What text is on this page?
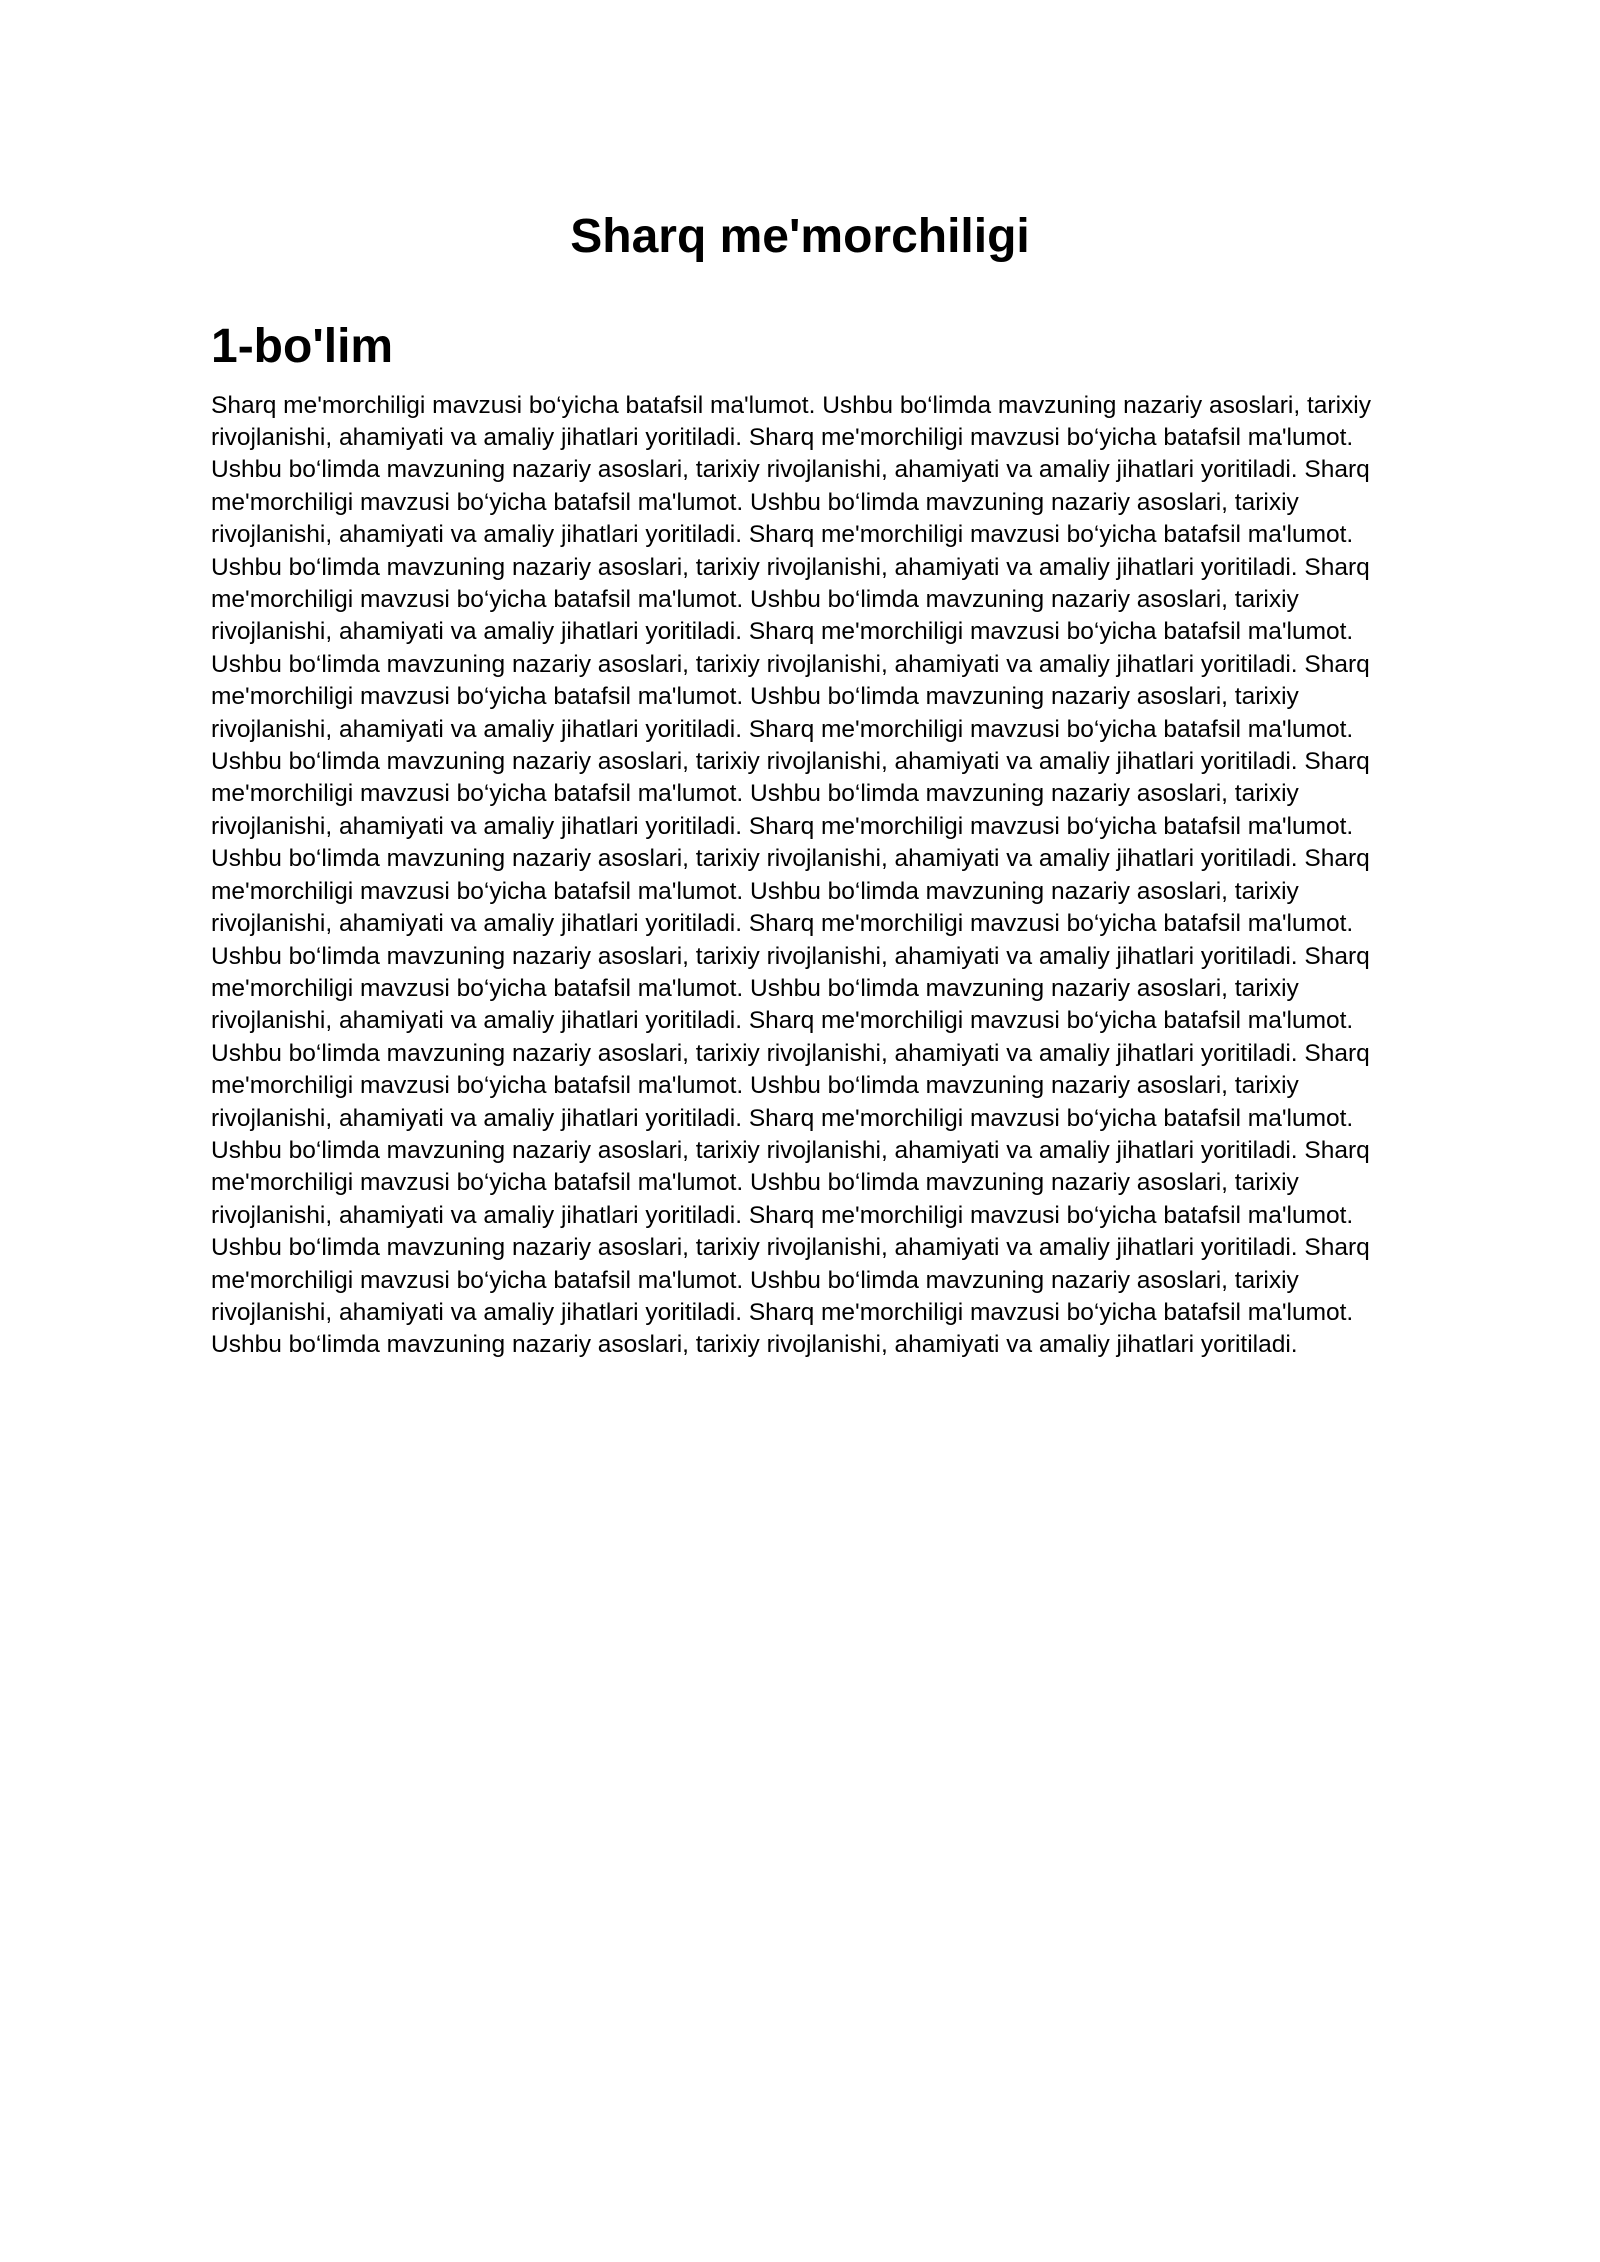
Sharq me'morchiligi
1-bo'lim

Sharq me'morchiligi mavzusi bo‘yicha batafsil ma'lumot. Ushbu bo‘limda mavzuning nazariy asoslari, tarixiy rivojlanishi, ahamiyati va amaliy jihatlari yoritiladi. Sharq me'morchiligi mavzusi bo‘yicha batafsil ma'lumot. Ushbu bo‘limda mavzuning nazariy asoslari, tarixiy rivojlanishi, ahamiyati va amaliy jihatlari yoritiladi. Sharq me'morchiligi mavzusi bo‘yicha batafsil ma'lumot. Ushbu bo‘limda mavzuning nazariy asoslari, tarixiy rivojlanishi, ahamiyati va amaliy jihatlari yoritiladi. Sharq me'morchiligi mavzusi bo‘yicha batafsil ma'lumot. Ushbu bo‘limda mavzuning nazariy asoslari, tarixiy rivojlanishi, ahamiyati va amaliy jihatlari yoritiladi. Sharq me'morchiligi mavzusi bo‘yicha batafsil ma'lumot. Ushbu bo‘limda mavzuning nazariy asoslari, tarixiy rivojlanishi, ahamiyati va amaliy jihatlari yoritiladi. Sharq me'morchiligi mavzusi bo‘yicha batafsil ma'lumot. Ushbu bo‘limda mavzuning nazariy asoslari, tarixiy rivojlanishi, ahamiyati va amaliy jihatlari yoritiladi. Sharq me'morchiligi mavzusi bo‘yicha batafsil ma'lumot. Ushbu bo‘limda mavzuning nazariy asoslari, tarixiy rivojlanishi, ahamiyati va amaliy jihatlari yoritiladi. Sharq me'morchiligi mavzusi bo‘yicha batafsil ma'lumot. Ushbu bo‘limda mavzuning nazariy asoslari, tarixiy rivojlanishi, ahamiyati va amaliy jihatlari yoritiladi. Sharq me'morchiligi mavzusi bo‘yicha batafsil ma'lumot. Ushbu bo‘limda mavzuning nazariy asoslari, tarixiy rivojlanishi, ahamiyati va amaliy jihatlari yoritiladi. Sharq me'morchiligi mavzusi bo‘yicha batafsil ma'lumot. Ushbu bo‘limda mavzuning nazariy asoslari, tarixiy rivojlanishi, ahamiyati va amaliy jihatlari yoritiladi. Sharq me'morchiligi mavzusi bo‘yicha batafsil ma'lumot. Ushbu bo‘limda mavzuning nazariy asoslari, tarixiy rivojlanishi, ahamiyati va amaliy jihatlari yoritiladi. Sharq me'morchiligi mavzusi bo‘yicha batafsil ma'lumot. Ushbu bo‘limda mavzuning nazariy asoslari, tarixiy rivojlanishi, ahamiyati va amaliy jihatlari yoritiladi. Sharq me'morchiligi mavzusi bo‘yicha batafsil ma'lumot. Ushbu bo‘limda mavzuning nazariy asoslari, tarixiy rivojlanishi, ahamiyati va amaliy jihatlari yoritiladi. Sharq me'morchiligi mavzusi bo‘yicha batafsil ma'lumot. Ushbu bo‘limda mavzuning nazariy asoslari, tarixiy rivojlanishi, ahamiyati va amaliy jihatlari yoritiladi. Sharq me'morchiligi mavzusi bo‘yicha batafsil ma'lumot. Ushbu bo‘limda mavzuning nazariy asoslari, tarixiy rivojlanishi, ahamiyati va amaliy jihatlari yoritiladi. Sharq me'morchiligi mavzusi bo‘yicha batafsil ma'lumot. Ushbu bo‘limda mavzuning nazariy asoslari, tarixiy rivojlanishi, ahamiyati va amaliy jihatlari yoritiladi. Sharq me'morchiligi mavzusi bo‘yicha batafsil ma'lumot. Ushbu bo‘limda mavzuning nazariy asoslari, tarixiy rivojlanishi, ahamiyati va amaliy jihatlari yoritiladi. Sharq me'morchiligi mavzusi bo‘yicha batafsil ma'lumot. Ushbu bo‘limda mavzuning nazariy asoslari, tarixiy rivojlanishi, ahamiyati va amaliy jihatlari yoritiladi. Sharq me'morchiligi mavzusi bo‘yicha batafsil ma'lumot. Ushbu bo‘limda mavzuning nazariy asoslari, tarixiy rivojlanishi, ahamiyati va amaliy jihatlari yoritiladi. Sharq me'morchiligi mavzusi bo‘yicha batafsil ma'lumot. Ushbu bo‘limda mavzuning nazariy asoslari, tarixiy rivojlanishi, ahamiyati va amaliy jihatlari yoritiladi.
